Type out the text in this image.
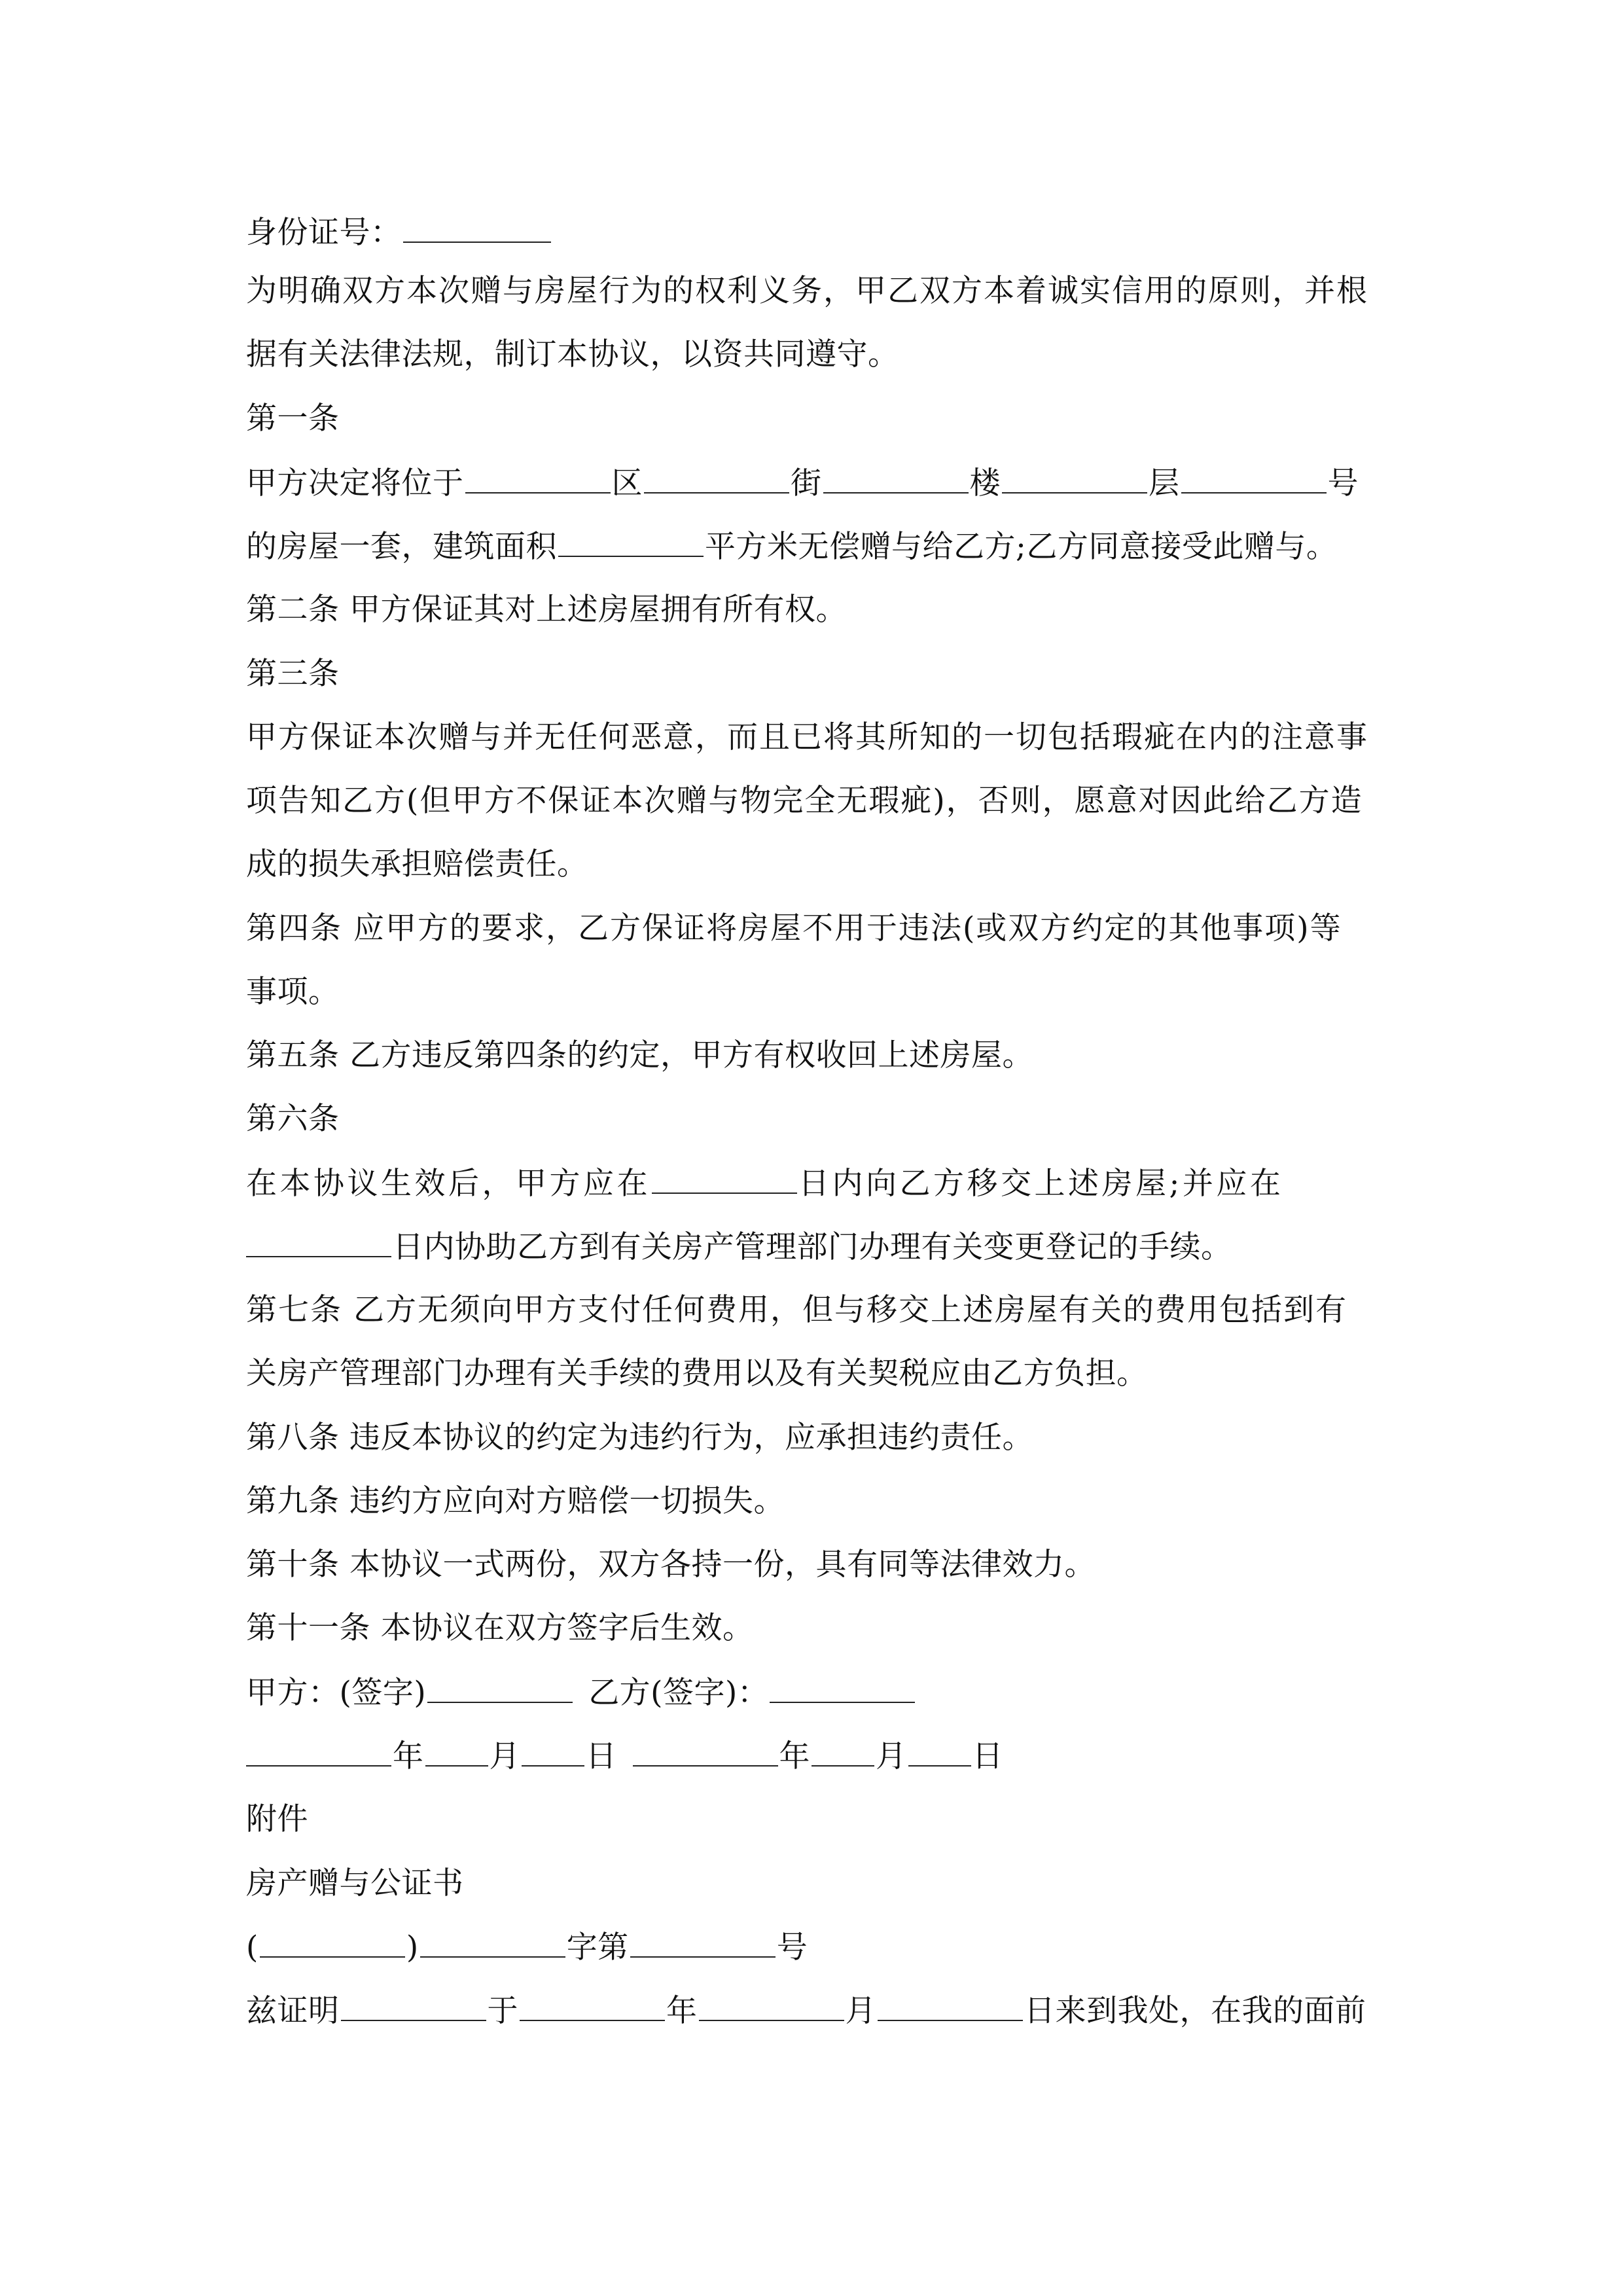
身份证号：
为明确双方本次赠与房屋行为的权利义务，甲乙双方本着诚实信用的原则，并根
据有关法律法规，制订本协议，以资共同遵守。
第一条
甲方决定将位于	区	街	楼	层	号
的房屋一套，建筑面积	平方米无偿赠与给乙方;乙方同意接受此赠与。
第二条 甲方保证其对上述房屋拥有所有权。
第三条
甲方保证本次赠与并无任何恶意，而且已将其所知的一切包括瑕疵在内的注意事
项告知乙方(但甲方不保证本次赠与物完全无瑕疵)，否则，愿意对因此给乙方造
成的损失承担赔偿责任。
第四条 应甲方的要求，乙方保证将房屋不用于违法(或双方约定的其他事项)等
事项。
第五条 乙方违反第四条的约定，甲方有权收回上述房屋。
第六条
在本协议生效后，甲方应在	日内向乙方移交上述房屋;并应在
日内协助乙方到有关房产管理部门办理有关变更登记的手续。
第七条 乙方无须向甲方支付任何费用，但与移交上述房屋有关的费用包括到有
关房产管理部门办理有关手续的费用以及有关契税应由乙方负担。
第八条 违反本协议的约定为违约行为，应承担违约责任。
第九条 违约方应向对方赔偿一切损失。
第十条 本协议一式两份，双方各持一份，具有同等法律效力。
第十一条 本协议在双方签字后生效。
甲方：(签字)	乙方(签字)：
年 月 日	年 月 日
附件
房产赠与公证书
(	)	字第	号
兹证明	于	年	月	日来到我处，在我的面前
